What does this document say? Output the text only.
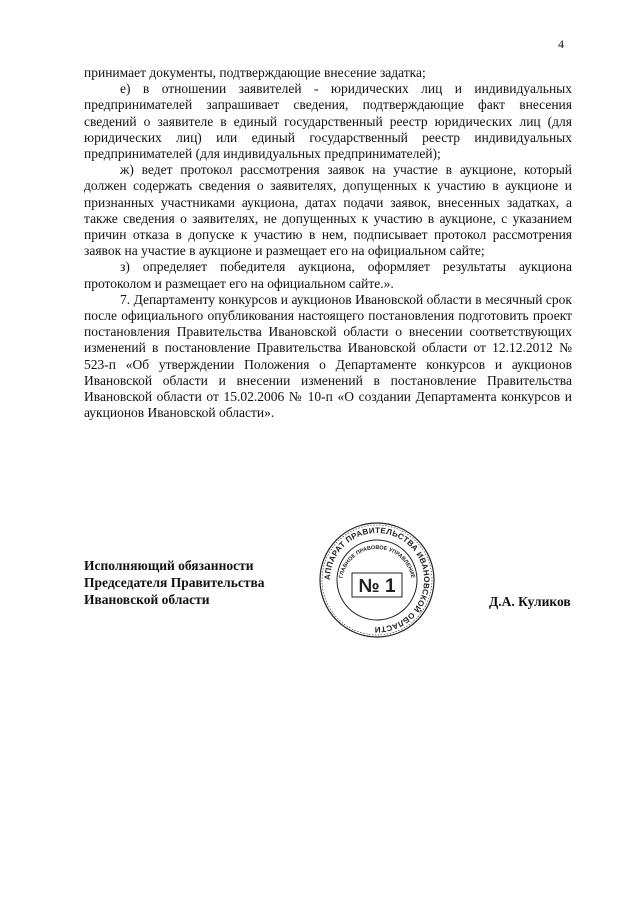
4

принимает документы, подтверждающие внесение задатка;

е) в отношении заявителей - юридических лиц и индивидуальных предпринимателей запрашивает сведения, подтверждающие факт внесения сведений о заявителе в единый государственный реестр юридических лиц (для юридических лиц) или единый государственный реестр индивидуальных предпринимателей (для индивидуальных предпринимателей);

ж) ведет протокол рассмотрения заявок на участие в аукционе, который должен содержать сведения о заявителях, допущенных к участию в аукционе и признанных участниками аукциона, датах подачи заявок, внесенных задатках, а также сведения о заявителях, не допущенных к участию в аукционе, с указанием причин отказа в допуске к участию в нем, подписывает протокол рассмотрения заявок на участие в аукционе и размещает его на официальном сайте;

з) определяет победителя аукциона, оформляет результаты аукциона протоколом и размещает его на официальном сайте.».

7. Департаменту конкурсов и аукционов Ивановской области в месячный срок после официального опубликования настоящего постановления подготовить проект постановления Правительства Ивановской области о внесении соответствующих изменений в постановление Правительства Ивановской области от 12.12.2012 № 523-п «Об утверждении Положения о Департаменте конкурсов и аукционов Ивановской области и внесении изменений в постановление Правительства Ивановской области от 15.02.2006 № 10-п «О создании Департамента конкурсов и аукционов Ивановской области».

Исполняющий обязанности
Председателя Правительства
Ивановской области
АППАРАТ ПРАВИТЕЛЬСТВА ИВАНОВСКОЙ ОБЛАСТИ
ГЛАВНОЕ ПРАВОВОЕ УПРАВЛЕНИЕ
№ 1
Д.А. Куликов
